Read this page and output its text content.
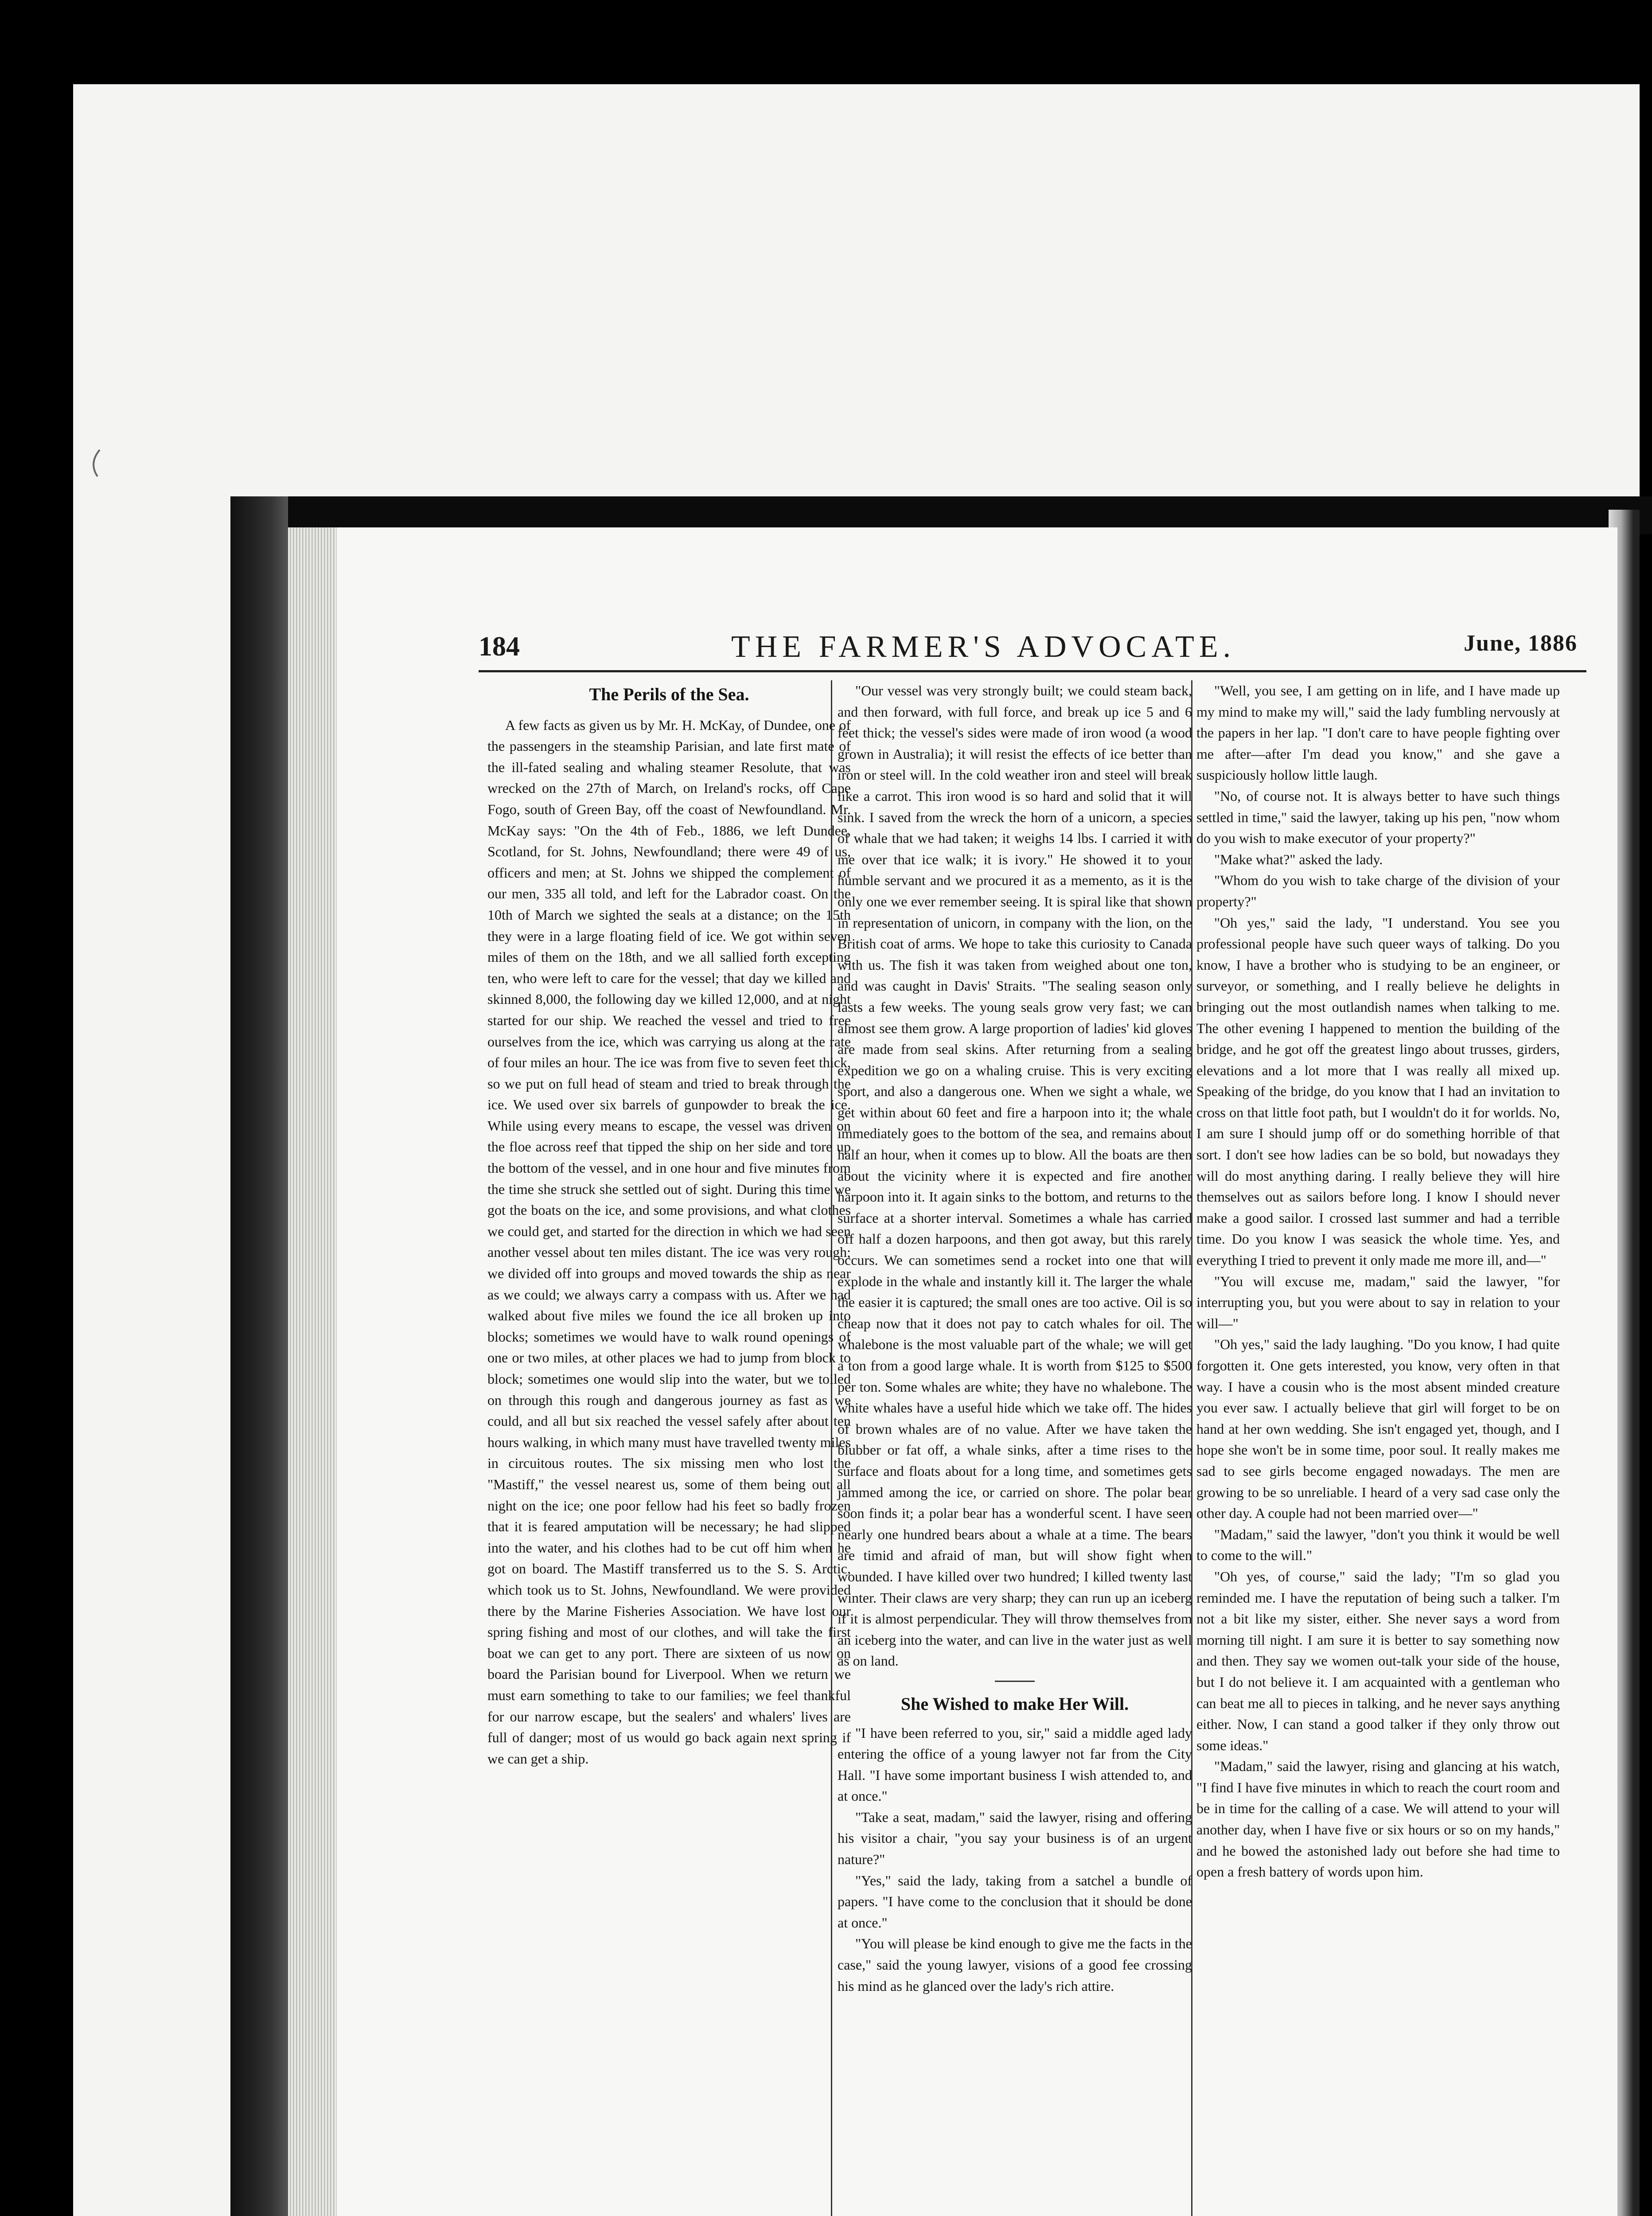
184	THE FARMER'S ADVOCATE.	June, 1886
The Perils of the Sea.

A few facts as given us by Mr. H. McKay, of Dundee, one of the passengers in the steamship Parisian, and late first mate of the ill-fated sealing and whaling steamer Resolute, that was wrecked on the 27th of March, on Ireland's rocks, off Cape Fogo, south of Green Bay, off the coast of Newfoundland. Mr. McKay says: "On the 4th of Feb., 1886, we left Dundee, Scotland, for St. Johns, Newfoundland; there were 49 of us, officers and men; at St. Johns we shipped the complement of our men, 335 all told, and left for the Labrador coast. On the 10th of March we sighted the seals at a distance; on the 15th they were in a large floating field of ice. We got within seven miles of them on the 18th, and we all sallied forth excepting ten, who were left to care for the vessel; that day we killed and skinned 8,000, the following day we killed 12,000, and at night started for our ship. We reached the vessel and tried to free ourselves from the ice, which was carrying us along at the rate of four miles an hour. The ice was from five to seven feet thick, so we put on full head of steam and tried to break through the ice. We used over six barrels of gunpowder to break the ice. While using every means to escape, the vessel was driven on the floe across reef that tipped the ship on her side and tore up the bottom of the vessel, and in one hour and five minutes from the time she struck she settled out of sight. During this time we got the boats on the ice, and some provisions, and what clothes we could get, and started for the direction in which we had seen another vessel about ten miles distant. The ice was very rough; we divided off into groups and moved towards the ship as near as we could; we always carry a compass with us. After we had walked about five miles we found the ice all broken up into blocks; sometimes we would have to walk round openings of one or two miles, at other places we had to jump from block to block; sometimes one would slip into the water, but we toiled on through this rough and dangerous journey as fast as we could, and all but six reached the vessel safely after about ten hours walking, in which many must have travelled twenty miles in circuitous routes. The six missing men who lost the "Mastiff," the vessel nearest us, some of them being out all night on the ice; one poor fellow had his feet so badly frozen that it is feared amputation will be necessary; he had slipped into the water, and his clothes had to be cut off him when he got on board. The Mastiff transferred us to the S. S. Arctic, which took us to St. Johns, Newfoundland. We were provided there by the Marine Fisheries Association. We have lost our spring fishing and most of our clothes, and will take the first boat we can get to any port. There are sixteen of us now on board the Parisian bound for Liverpool. When we return we must earn something to take to our families; we feel thankful for our narrow escape, but the sealers' and whalers' lives are full of danger; most of us would go back again next spring if we can get a ship.

"Our vessel was very strongly built; we could steam back, and then forward, with full force, and break up ice 5 and 6 feet thick; the vessel's sides were made of iron wood (a wood grown in Australia); it will resist the effects of ice better than iron or steel will. In the cold weather iron and steel will break like a carrot. This iron wood is so hard and solid that it will sink. I saved from the wreck the horn of a unicorn, a species of whale that we had taken; it weighs 14 lbs. I carried it with me over that ice walk; it is ivory." He showed it to your humble servant and we procured it as a memento, as it is the only one we ever remember seeing. It is spiral like that shown in representation of unicorn, in company with the lion, on the British coat of arms. We hope to take this curiosity to Canada with us. The fish it was taken from weighed about one ton, and was caught in Davis' Straits. "The sealing season only lasts a few weeks. The young seals grow very fast; we can almost see them grow. A large proportion of ladies' kid gloves are made from seal skins. After returning from a sealing expedition we go on a whaling cruise. This is very exciting sport, and also a dangerous one. When we sight a whale, we get within about 60 feet and fire a harpoon into it; the whale immediately goes to the bottom of the sea, and remains about half an hour, when it comes up to blow. All the boats are then about the vicinity where it is expected and fire another harpoon into it. It again sinks to the bottom, and returns to the surface at a shorter interval. Sometimes a whale has carried off half a dozen harpoons, and then got away, but this rarely occurs. We can sometimes send a rocket into one that will explode in the whale and instantly kill it. The larger the whale the easier it is captured; the small ones are too active. Oil is so cheap now that it does not pay to catch whales for oil. The whalebone is the most valuable part of the whale; we will get a ton from a good large whale. It is worth from $125 to $500 per ton. Some whales are white; they have no whalebone. The white whales have a useful hide which we take off. The hides of brown whales are of no value. After we have taken the blubber or fat off, a whale sinks, after a time rises to the surface and floats about for a long time, and sometimes gets jammed among the ice, or carried on shore. The polar bear soon finds it; a polar bear has a wonderful scent. I have seen nearly one hundred bears about a whale at a time. The bears are timid and afraid of man, but will show fight when wounded. I have killed over two hundred; I killed twenty last winter. Their claws are very sharp; they can run up an iceberg if it is almost perpendicular. They will throw themselves from an iceberg into the water, and can live in the water just as well as on land.

She Wished to make Her Will.

"I have been referred to you, sir," said a middle aged lady entering the office of a young lawyer not far from the City Hall. "I have some important business I wish attended to, and at once."

"Take a seat, madam," said the lawyer, rising and offering his visitor a chair, "you say your business is of an urgent nature?"

"Yes," said the lady, taking from a satchel a bundle of papers. "I have come to the conclusion that it should be done at once."

"You will please be kind enough to give me the facts in the case," said the young lawyer, visions of a good fee crossing his mind as he glanced over the lady's rich attire.

"Well, you see, I am getting on in life, and I have made up my mind to make my will," said the lady fumbling nervously at the papers in her lap. "I don't care to have people fighting over me after—after I'm dead you know," and she gave a suspiciously hollow little laugh.

"No, of course not. It is always better to have such things settled in time," said the lawyer, taking up his pen, "now whom do you wish to make executor of your property?"

"Make what?" asked the lady.

"Whom do you wish to take charge of the division of your property?"

"Oh yes," said the lady, "I understand. You see you professional people have such queer ways of talking. Do you know, I have a brother who is studying to be an engineer, or surveyor, or something, and I really believe he delights in bringing out the most outlandish names when talking to me. The other evening I happened to mention the building of the bridge, and he got off the greatest lingo about trusses, girders, elevations and a lot more that I was really all mixed up. Speaking of the bridge, do you know that I had an invitation to cross on that little foot path, but I wouldn't do it for worlds. No, I am sure I should jump off or do something horrible of that sort. I don't see how ladies can be so bold, but nowadays they will do most anything daring. I really believe they will hire themselves out as sailors before long. I know I should never make a good sailor. I crossed last summer and had a terrible time. Do you know I was seasick the whole time. Yes, and everything I tried to prevent it only made me more ill, and—"

"You will excuse me, madam," said the lawyer, "for interrupting you, but you were about to say in relation to your will—"

"Oh yes," said the lady laughing. "Do you know, I had quite forgotten it. One gets interested, you know, very often in that way. I have a cousin who is the most absent minded creature you ever saw. I actually believe that girl will forget to be on hand at her own wedding. She isn't engaged yet, though, and I hope she won't be in some time, poor soul. It really makes me sad to see girls become engaged nowadays. The men are growing to be so unreliable. I heard of a very sad case only the other day. A couple had not been married over—"

"Madam," said the lawyer, "don't you think it would be well to come to the will."

"Oh yes, of course," said the lady; "I'm so glad you reminded me. I have the reputation of being such a talker. I'm not a bit like my sister, either. She never says a word from morning till night. I am sure it is better to say something now and then. They say we women out-talk your side of the house, but I do not believe it. I am acquainted with a gentleman who can beat me all to pieces in talking, and he never says anything either. Now, I can stand a good talker if they only throw out some ideas."

"Madam," said the lawyer, rising and glancing at his watch, "I find I have five minutes in which to reach the court room and be in time for the calling of a case. We will attend to your will another day, when I have five or six hours or so on my hands," and he bowed the astonished lady out before she had time to open a fresh battery of words upon him.
